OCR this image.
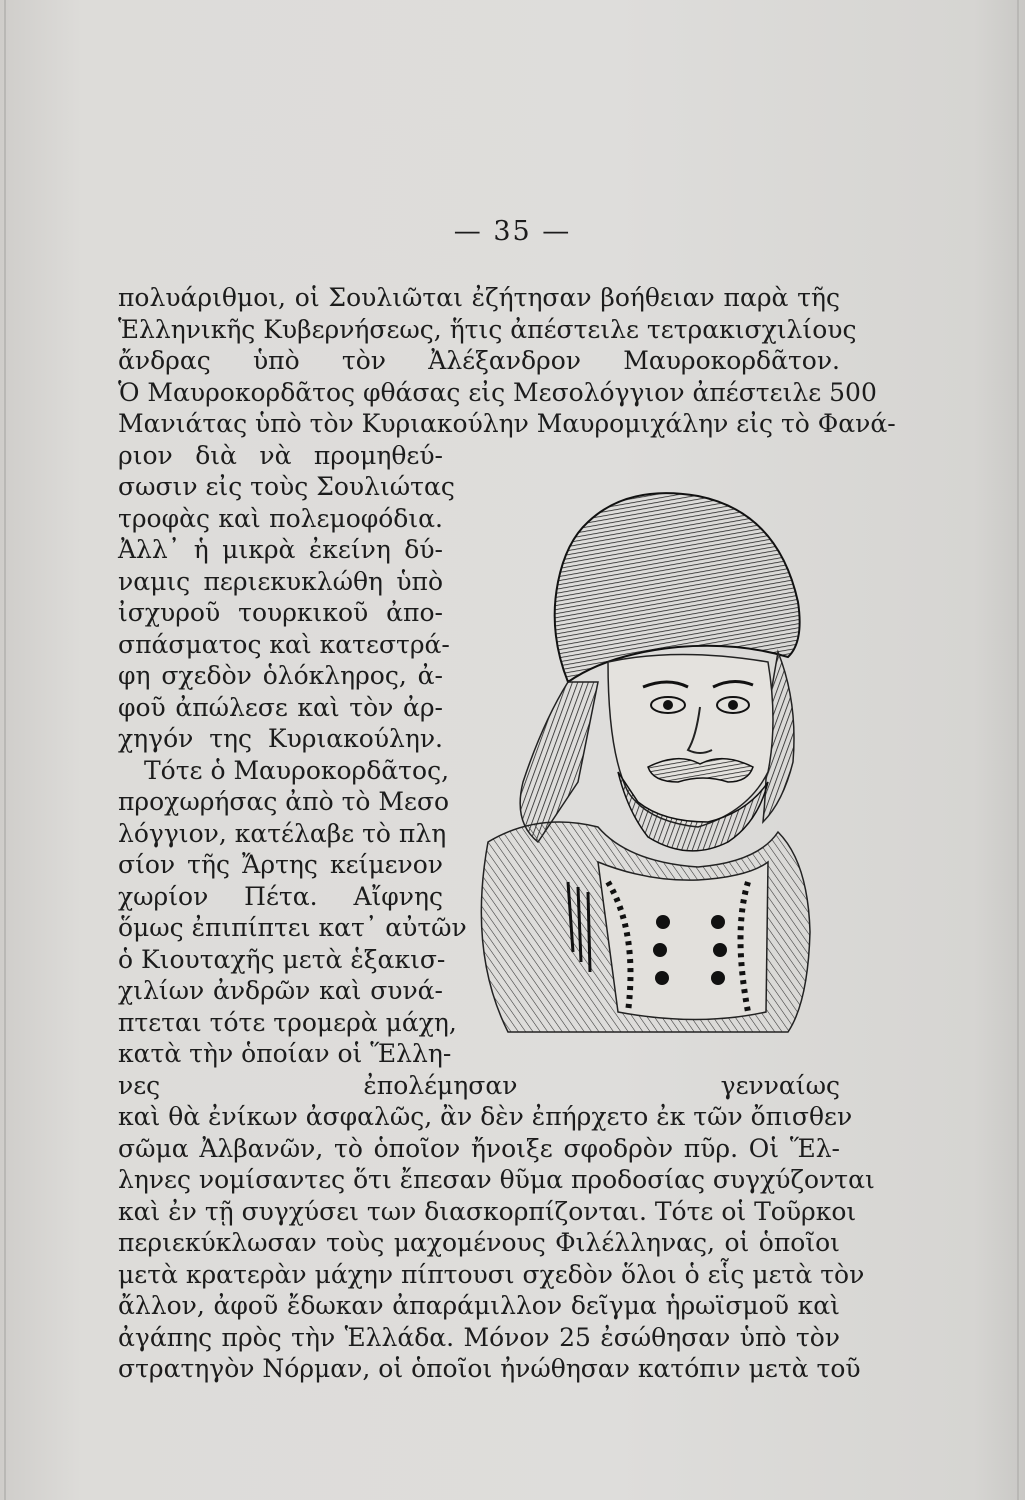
— 35 —
πολυάριθμοι, οἱ Σουλιῶται ἐζήτησαν βοήθειαν παρὰ τῆς
Ἑλληνικῆς Κυβερνήσεως, ἥτις ἀπέστειλε τετρακισχιλίους
ἄνδρας ὑπὸ τὸν Ἀλέξανδρον Μαυροκορδᾶτον.
Ὁ Μαυροκορδᾶτος φθάσας εἰς Μεσολόγγιον ἀπέστειλε 500
Μανιάτας ὑπὸ τὸν Κυριακούλην Μαυρομιχάλην εἰς τὸ Φανά-
ριον διὰ νὰ προμηθεύ-
σωσιν εἰς τοὺς Σουλιώτας
τροφὰς καὶ πολεμοφόδια.
Ἀλλ᾽ ἡ μικρὰ ἐκείνη δύ-
ναμις περιεκυκλώθη ὑπὸ
ἰσχυροῦ τουρκικοῦ ἀπο-
σπάσματος καὶ κατεστρά-
φη σχεδὸν ὁλόκληρος, ἀ-
φοῦ ἀπώλεσε καὶ τὸν ἀρ-
χηγόν της Κυριακούλην.
Τότε ὁ Μαυροκορδᾶτος,
προχωρήσας ἀπὸ τὸ Μεσο
λόγγιον, κατέλαβε τὸ πλη
σίον τῆς Ἄρτης κείμενον
χωρίον Πέτα. Αἴφνης
ὅμως ἐπιπίπτει κατ᾽ αὐτῶν
ὁ Κιουταχῆς μετὰ ἑξακισ-
χιλίων ἀνδρῶν καὶ συνά-
πτεται τότε τρομερὰ μάχη,
κατὰ τὴν ὁποίαν οἱ Ἕλλη-
νες ἐπολέμησαν γενναίως
καὶ θὰ ἐνίκων ἀσφαλῶς, ἂν δὲν ἐπήρχετο ἐκ τῶν ὄπισθεν
σῶμα Ἀλβανῶν, τὸ ὁποῖον ἤνοιξε σφοδρὸν πῦρ. Οἱ Ἕλ-
ληνες νομίσαντες ὅτι ἔπεσαν θῦμα προδοσίας συγχύζονται
καὶ ἐν τῇ συγχύσει των διασκορπίζονται. Τότε οἱ Τοῦρκοι
περιεκύκλωσαν τοὺς μαχομένους Φιλέλληνας, οἱ ὁποῖοι
μετὰ κρατερὰν μάχην πίπτουσι σχεδὸν ὅλοι ὁ εἷς μετὰ τὸν
ἄλλον, ἀφοῦ ἔδωκαν ἀπαράμιλλον δεῖγμα ἡρωϊσμοῦ καὶ
ἀγάπης πρὸς τὴν Ἑλλάδα. Μόνον 25 ἐσώθησαν ὑπὸ τὸν
στρατηγὸν Νόρμαν, οἱ ὁποῖοι ἠνώθησαν κατόπιν μετὰ τοῦ
